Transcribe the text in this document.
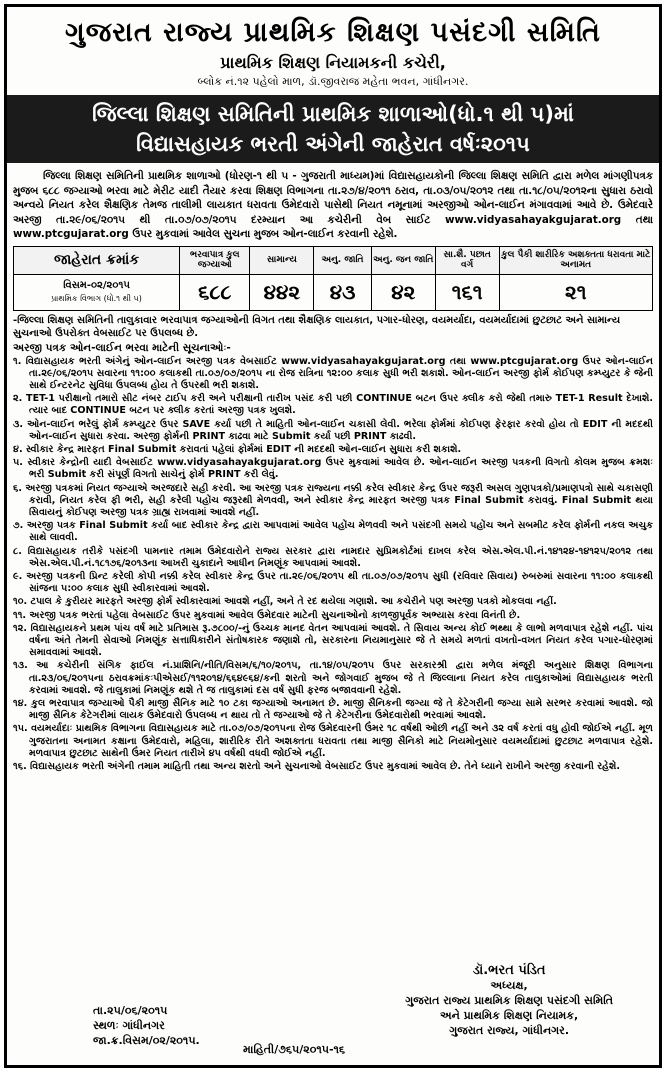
ગુજરાત રાજ્ય પ્રાથમિક શિક્ષણ પસંદગી સમિતિ
પ્રાથમિક શિક્ષણ નિયામકની કચેરી,
બ્લોક નં.૧૨ પહેલો માળ, ડૉ.જીવરાજ મહેતા ભવન, ગાંધીનગર.
જિલ્લા શિક્ષણ સમિતિની પ્રાથમિક શાળાઓ(ધો.૧ થી ૫)માં
વિદ્યાસહાયક ભરતી અંગેની જાહેરાત વર્ષઃ૨૦૧૫

જિલ્લા શિક્ષણ સમિતિની પ્રાથમિક શાળાઓ (ધોરણ-૧ થી ૫ - ગુજરાતી માધ્યમ)માં વિદ્યાસહાયકોની જિલ્લા શિક્ષણ સમિતિ દ્વારા મળેલ માંગણીપત્રક મુજબ ૬૮૮ જગ્યાઓ ભરવા માટે મેરીટ યાદી તૈયાર કરવા શિક્ષણ વિભાગના તા.૨૭/૪/૨૦૧૧ ઠરાવ, તા.૦૩/૦૫/૨૦૧૨ તથા તા.૧૮/૦૫/૨૦૧૨ના સુધારા ઠરાવો અન્વયે નિયત કરેલ શૈક્ષણિક તેમજ તાલીમી લાયકાત ધરાવતા ઉમેદવારો પાસેથી નિયત નમૂનામાં અરજીઓ ઓન-લાઈન મંગાવવામાં આવે છે. ઉમેદવારે અરજી તા.૨૯/૦૬/૨૦૧૫ થી તા.૦૭/૦૭/૨૦૧૫ દરમ્યાન આ કચેરીની વેબ સાઈટ www.vidyasahayakgujarat.org તથા www.ptcgujarat.org ઉપર મુકવામાં આવેલ સુચના મુજબ ઓન-લાઈન કરવાની રહેશે.

જાહેરાત ક્રમાંક	ભરવાપાત્ર કુલ જગ્યાઓ	સામાન્ય	અનુ. જાતિ	અનુ. જન જાતિ	સા.શૈ. પછાત વર્ગ	કુલ પૈકી શારીરિક અશક્તતા ધરાવતા માટે અનામત

વિસમ-૦૨/૨૦૧૫
પ્રાથમિક વિભાગ (ધો.૧ થી ૫)	૬૮૮	૪૪૨	૪૩	૪૨	૧૬૧	૨૧

-જિલ્લા શિક્ષણ સમિતિની તાલુકાવાર ભરવાપાત્ર જગ્યાઓની વિગત તથા શૈક્ષણિક લાયકાત, પગાર-ધોરણ, વયમર્યાદા, વયમર્યાદામાં છુટછાટ અને સામાન્ય સુચનાઓ ઉપરોક્ત વેબસાઈટ પર ઉપલબ્ધ છે.

અરજી પત્રક ઓન-લાઈન ભરવા માટેની સૂચનાઓઃ-
૧. વિદ્યાસહાયક ભરતી અંગેનું ઓન-લાઈન અરજી પત્રક વેબસાઈટ www.vidyasahayakgujarat.org તથા www.ptcgujarat.org ઉપર ઓન-લાઈન તા.૨૯/૦૬/૨૦૧૫ સવારના ૧૧:૦૦ કલાકથી તા.૦૭/૦૭/૨૦૧૫ ના રોજ રાત્રિના ૧૨:૦૦ કલાક સુધી ભરી શકાશે. ઓન-લાઈન અરજી ફોર્મ કોઈપણ કમ્પ્યુટર કે જેની સાથે ઈન્ટરનેટ સુવિધા ઉપલબ્ધ હોય તે ઉપરથી ભરી શકાશે.
૨. TET-1 પરીક્ષાનો તમારો સીટ નંબર ટાઈપ કરી અને પરીક્ષાની તારીખ પસંદ કરી પછી CONTINUE બટન ઉપર ક્લીક કરો જેથી તમારુ TET-1 Result દેખાશે. ત્યાર બાદ CONTINUE બટન પર ક્લીક કરતાં અરજી પત્રક ખુલશે.
૩. ઓન-લાઈન ભરેલું ફોર્મ કમ્પ્યુટર ઉપર SAVE કર્યા પછી તે માહિતી ઓન-લાઈન ચકાસી લેવી. ભરેલા ફોર્મમાં કોઈપણ ફેરફાર કરવો હોય તો EDIT ની મદદથી ઓન-લાઈન સુધારા કરવા. અરજી ફોર્મની PRINT કાઢવા માટે Submit કર્યા પછી PRINT કાઢવી.
૪. સ્વીકાર કેન્દ્ર મારફત Final Submit કરાવતાં પહેલાં ફોર્મમાં EDIT ની મદદથી ઓન-લાઈન સુધારા કરી શકાશે.
૫. સ્વીકાર કેન્દ્રોની યાદી વેબસાઈટ www.vidyasahayakgujarat.org ઉપર મુકવામાં આવેલ છે. ઓન-લાઈન અરજી પત્રકની વિગતો કોલમ મુજબ ક્રમશઃ ભરી Submit કરી સંપૂર્ણ વિગતો સાચેનું ફોર્મ PRINT કરી લેવું.
૬. અરજી પત્રકમાં નિયત જગ્યાએ અરજદારે સહી કરવી. આ અરજી પત્રક રાજ્યના નક્કી કરેલ સ્વીકાર કેન્દ્ર ઉપર જરૂરી અસલ ગુણપત્રકો/પ્રમાણપત્રો સાથે ચકાસણી કરાવી, નિયત કરેલ ફી ભરી, સહી કરેલી પહોંચ જરૂરથી મેળવવી, અને સ્વીકાર કેન્દ્ર મારફત અરજી પત્રક Final Submit કરાવવું. Final Submit થયા સિવાયનું કોઈપણ અરજી પત્રક ગ્રાહ્ય રાખવામાં આવશે નહીં.
૭. અરજી પત્રક Final Submit કર્યા બાદ સ્વીકાર કેન્દ્ર દ્વારા આપવામાં આવેલ પહોંચ મેળવવી અને પસંદગી સમયે પહોંચ અને સબમીટ કરેલ ફોર્મની નકલ અચુક સાથે લાવવી.
૮. વિદ્યાસહાયક તરીકે પસંદગી પામનાર તમામ ઉમેદવારોને રાજ્ય સરકાર દ્વારા નામદાર સુપ્રિમકોર્ટમાં દાખલ કરેલ એસ.એલ.પી.નં.૧૪૧૨૪-૧૪૧૨૫/૨૦૧૨ તથા એસ.એલ.પી.નં.૧૮૧૭૬/૨૦૧૩ના આખરી ચુકાદાને આધીન નિમણૂંક આપવામાં આવશે.
૯. અરજી પત્રકની પ્રિન્ટ કરેલી કોપી નક્કી કરેલ સ્વીકાર કેન્દ્ર ઉપર તા.૨૯/૦૬/૨૦૧૫ થી તા.૦૭/૦૭/૨૦૧૫ સુધી (રવિવાર સિવાય) રુબરુમાં સવારના ૧૧:૦૦ કલાકથી સાંજના ૫:૦૦ કલાક સુધી સ્વીકારવામાં આવશે.
૧૦. ટપાલ કે કુરીયર મારફતે અરજી ફોર્મ સ્વીકારવામાં આવશે નહીં, અને તે રદ થયેલા ગણાશે. આ કચેરીને પણ અરજી પત્રકો મોકલવા નહીં.
૧૧. અરજી પત્રક ભરતાં પહેલા વેબસાઈટ ઉપર મુકવામાં આવેલ ઉમેદવાર માટેની સુચનાઓનો કાળજીપૂર્વક અભ્યાસ કરવા વિનંતી છે.
૧૨. વિદ્યાસહાયકને પ્રથમ પાંચ વર્ષ માટે પ્રતિમાસ રૂ.૭૮૦૦/-નું ઉચ્ચક માનદ વેતન આપવામાં આવશે. તે સિવાય અન્ય કોઈ ભથ્થા કે લાભો મળવાપાત્ર રહેશે નહીં. પાંચ વર્ષના અંતે તેમની સેવાઓ નિમણૂંક સત્તાધિકારીને સંતોષકારક જણાશે તો, સરકારના નિયમાનુસાર જે તે સમયે મળતાં વખતો-વખત નિયત કરેલ પગાર-ધોરણમાં સમાવવામાં આવશે.
૧૩. આ કચેરીની સંગિક ફાઈલ નં.પ્રાશિનિ/નીતિ/વિસમ/૬/૧૦/૨૦૧૫, તા.૧૪/૦૫/૨૦૧૫ ઉપર સરકારશ્રી દ્વારા મળેલ મંજૂરી અનુસાર શિક્ષણ વિભાગના તા.૨૩/૦૬/૨૦૧૫ના ઠરાવક્રમાંકઃપીએસઈ/૧૧૨૦૧૪/૬૬૪૯૬૪/કની શરતો અને જોગવાઈ મુજબ જે તે જિલ્લાના નિયત કરેલ તાલુકાઓમાં વિદ્યાસહાયક ભરતી કરવામાં આવશે. જે તાલુકામાં નિમણૂંક થશે તે જ તાલુકામાં દસ વર્ષ સુધી ફરજ બજાવવાની રહેશે.
૧૪. કુલ ભરવાપાત્ર જગ્યાઓ પૈકી માજી સૈનિક માટે ૧૦ ટકા જગ્યાઓ અનામત છે. માજી સૈનિકની જગ્યા જે તે કેટેગરીની જગ્યા સામે સરભર કરવામાં આવશે. જો માજી સૈનિક કેટેગરીમાં લાયક ઉમેદવારો ઉપલબ્ધ ન થાય તો તે જગ્યાઓ જે તે કેટેગરીના ઉમેદવારોથી ભરવામાં આવશે.
૧૫. વયમર્યાદાઃ પ્રાથમિક વિભાગના વિદ્યાસહાયક માટે તા.૦૭/૦૭/૨૦૧૫ના રોજ ઉમેદવારની ઉંમર ૧૮ વર્ષથી ઓછી નહીં અને ૩૨ વર્ષ કરતાં વધુ હોવી જોઈએ નહીં. મૂળ ગુજરાતના અનામત કક્ષાના ઉમેદવારો, મહિલા, શારીરિક રીતે અશક્તતા ધરાવતા તથા માજી સૈનિકો માટે નિયમોનુસાર વયમર્યાદામાં છુટછાટ મળવાપાત્ર રહેશે. મળવાપાત્ર છુટછાટ સાથેની ઉંમર નિયત તારીખે ૪૫ વર્ષથી વધવી જોઈએ નહીં.
૧૬. વિદ્યાસહાયક ભરતી અંગેની તમામ માહિતી તથા અન્ય શરતો અને સુચનાઓ વેબસાઈટ ઉપર મુકવામાં આવેલ છે. તેને ધ્યાને રાખીને અરજી કરવાની રહેશે.
તા.૨૫/૦૬/૨૦૧૫
સ્થળઃ ગાંધીનગર
જા.ક્ર.વિસમ/૦૨/૨૦૧૫.
ડૉ.ભરત પંડિત
અધ્યક્ષ,
ગુજરાત રાજ્ય પ્રાથમિક શિક્ષણ પસંદગી સમિતિ
અને પ્રાથમિક શિક્ષણ નિયામક,
ગુજરાત રાજ્ય, ગાંધીનગર.
માહિતી/૭૬૫/૨૦૧૫-૧૬
